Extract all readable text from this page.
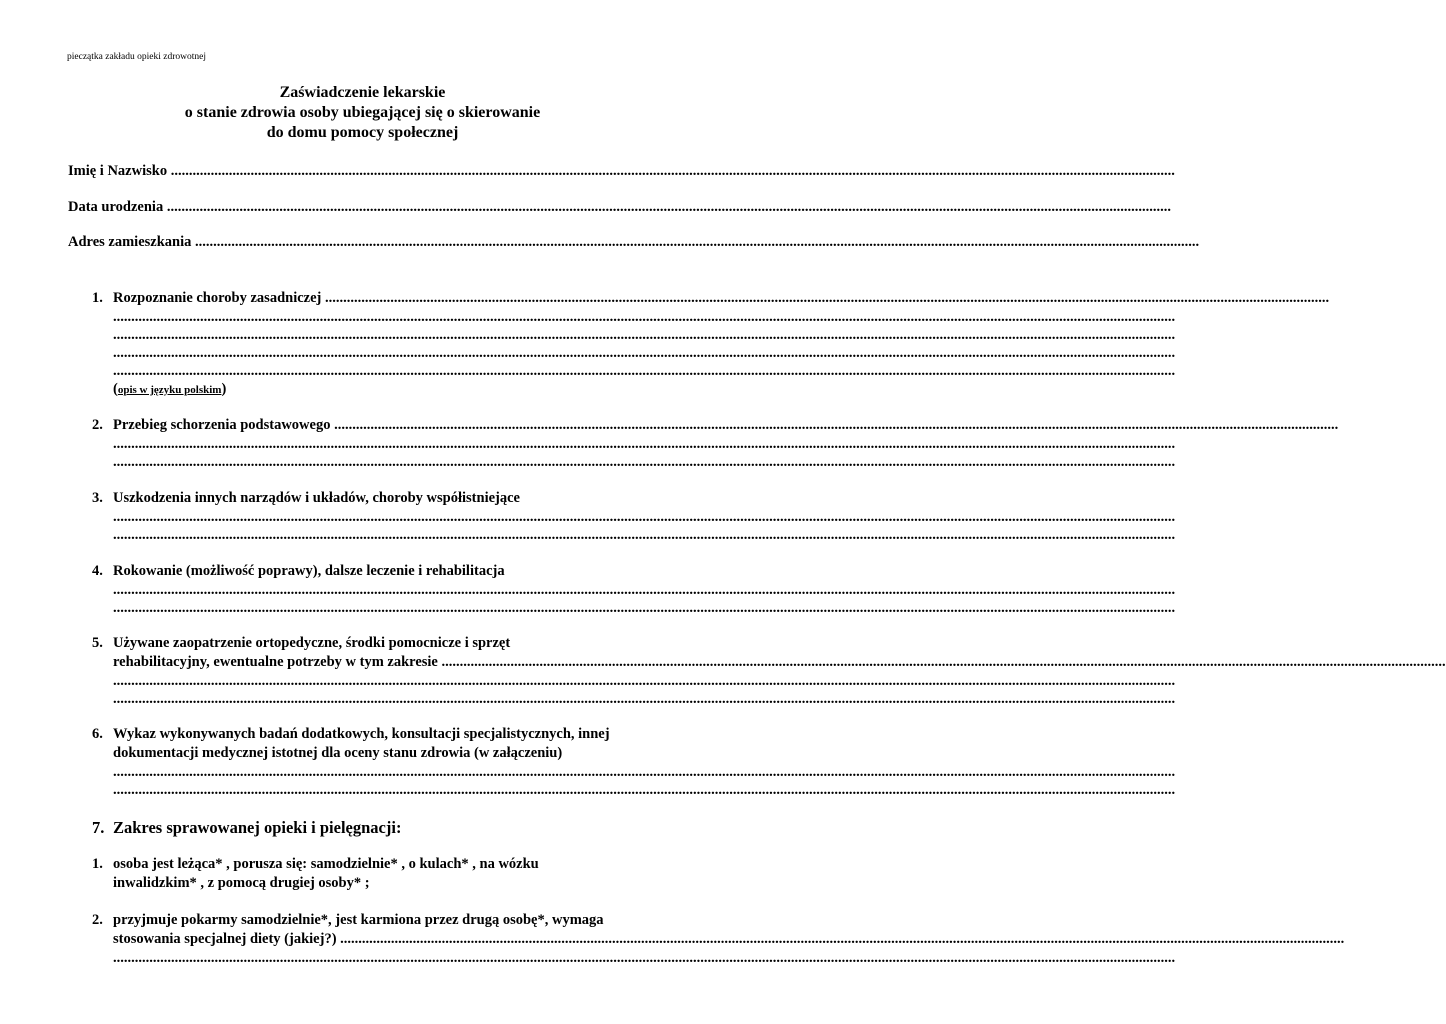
pieczątka zakładu opieki zdrowotnej
Zaświadczenie lekarskie
o stanie zdrowia osoby ubiegającej się o skierowanie
do domu pomocy społecznej
Imię i Nazwisko .....
Data urodzenia .....
Adres zamieszkania .....
1. Rozpoznanie choroby zasadniczej .....
.....................................................................................................................................................................................................................................................................................................
.....................................................................................................................................................................................................................................................................................................
.....................................................................................................................................................................................................................................................................................................
.....................................................................................................................................................................................................................................................................................................
(opis w języku polskim)
2. Przebieg schorzenia podstawowego .....
.....................................................................................................................................................................................................................................................................................................
.....................................................................................................................................................................................................................................................................................................
3. Uszkodzenia innych narządów i układów, choroby współistniejące
.....................................................................................................................................................................................................................................................................................................
.....................................................................................................................................................................................................................................................................................................
4. Rokowanie (możliwość poprawy), dalsze leczenie i rehabilitacja
.....................................................................................................................................................................................................................................................................................................
.....................................................................................................................................................................................................................................................................................................
5. Używane zaopatrzenie ortopedyczne, środki pomocnicze i sprzęt
rehabilitacyjny, ewentualne potrzeby w tym zakresie .....
.....................................................................................................................................................................................................................................................................................................
.....................................................................................................................................................................................................................................................................................................
6. Wykaz wykonywanych badań dodatkowych, konsultacji specjalistycznych, innej
dokumentacji medycznej istotnej dla oceny stanu zdrowia (w załączeniu)
.....................................................................................................................................................................................................................................................................................................
.....................................................................................................................................................................................................................................................................................................
7. Zakres sprawowanej opieki i pielęgnacji:
1. osoba jest leżąca* , porusza się: samodzielnie* , o kulach* , na wózku
inwalidzkim* , z pomocą drugiej osoby* ;
2. przyjmuje pokarmy samodzielnie*, jest karmiona przez drugą osobę*, wymaga
stosowania specjalnej diety (jakiej?) .....
.....................................................................................................................................................................................................................................................................................................
